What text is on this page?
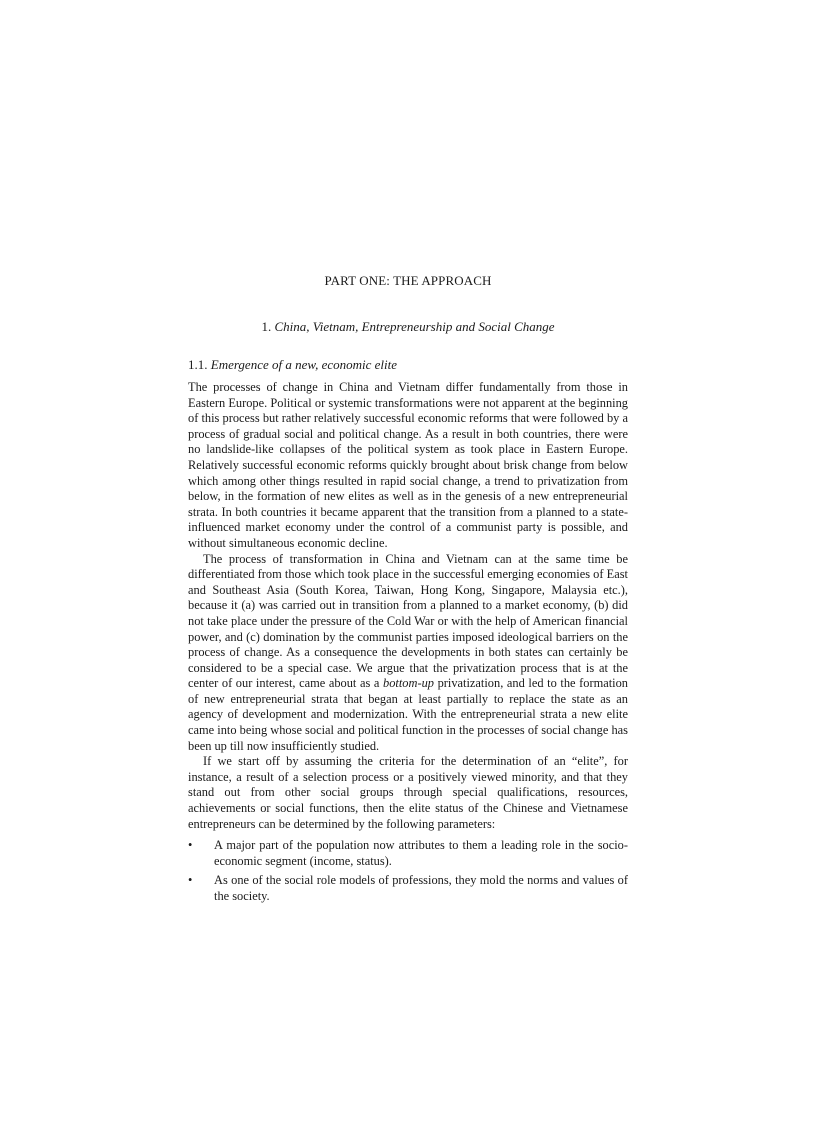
PART ONE: THE APPROACH
1. China, Vietnam, Entrepreneurship and Social Change
1.1. Emergence of a new, economic elite

The processes of change in China and Vietnam differ fundamentally from those in Eastern Europe. Political or systemic transformations were not apparent at the beginning of this process but rather relatively successful economic reforms that were followed by a process of gradual social and political change. As a result in both countries, there were no landslide-like collapses of the political system as took place in Eastern Europe. Relatively successful economic reforms quickly brought about brisk change from below which among other things resulted in rapid social change, a trend to privatization from below, in the formation of new elites as well as in the genesis of a new entrepreneurial strata. In both countries it became apparent that the transition from a planned to a state-influenced market economy under the control of a communist party is possible, and without simultaneous economic decline.

The process of transformation in China and Vietnam can at the same time be differentiated from those which took place in the successful emerging economies of East and Southeast Asia (South Korea, Taiwan, Hong Kong, Singapore, Malaysia etc.), because it (a) was carried out in transition from a planned to a market economy, (b) did not take place under the pressure of the Cold War or with the help of American financial power, and (c) domination by the communist parties imposed ideological barriers on the process of change. As a consequence the developments in both states can certainly be considered to be a special case. We argue that the privatization process that is at the center of our interest, came about as a bottom-up privatization, and led to the formation of new entrepreneurial strata that began at least partially to replace the state as an agency of development and modernization. With the entrepreneurial strata a new elite came into being whose social and political function in the processes of social change has been up till now insufficiently studied.

If we start off by assuming the criteria for the determination of an “elite”, for instance, a result of a selection process or a positively viewed minority, and that they stand out from other social groups through special qualifications, resources, achievements or social functions, then the elite status of the Chinese and Vietnamese entrepreneurs can be determined by the following parameters:

• A major part of the population now attributes to them a leading role in the socio-economic segment (income, status).
• As one of the social role models of professions, they mold the norms and values of the society.
